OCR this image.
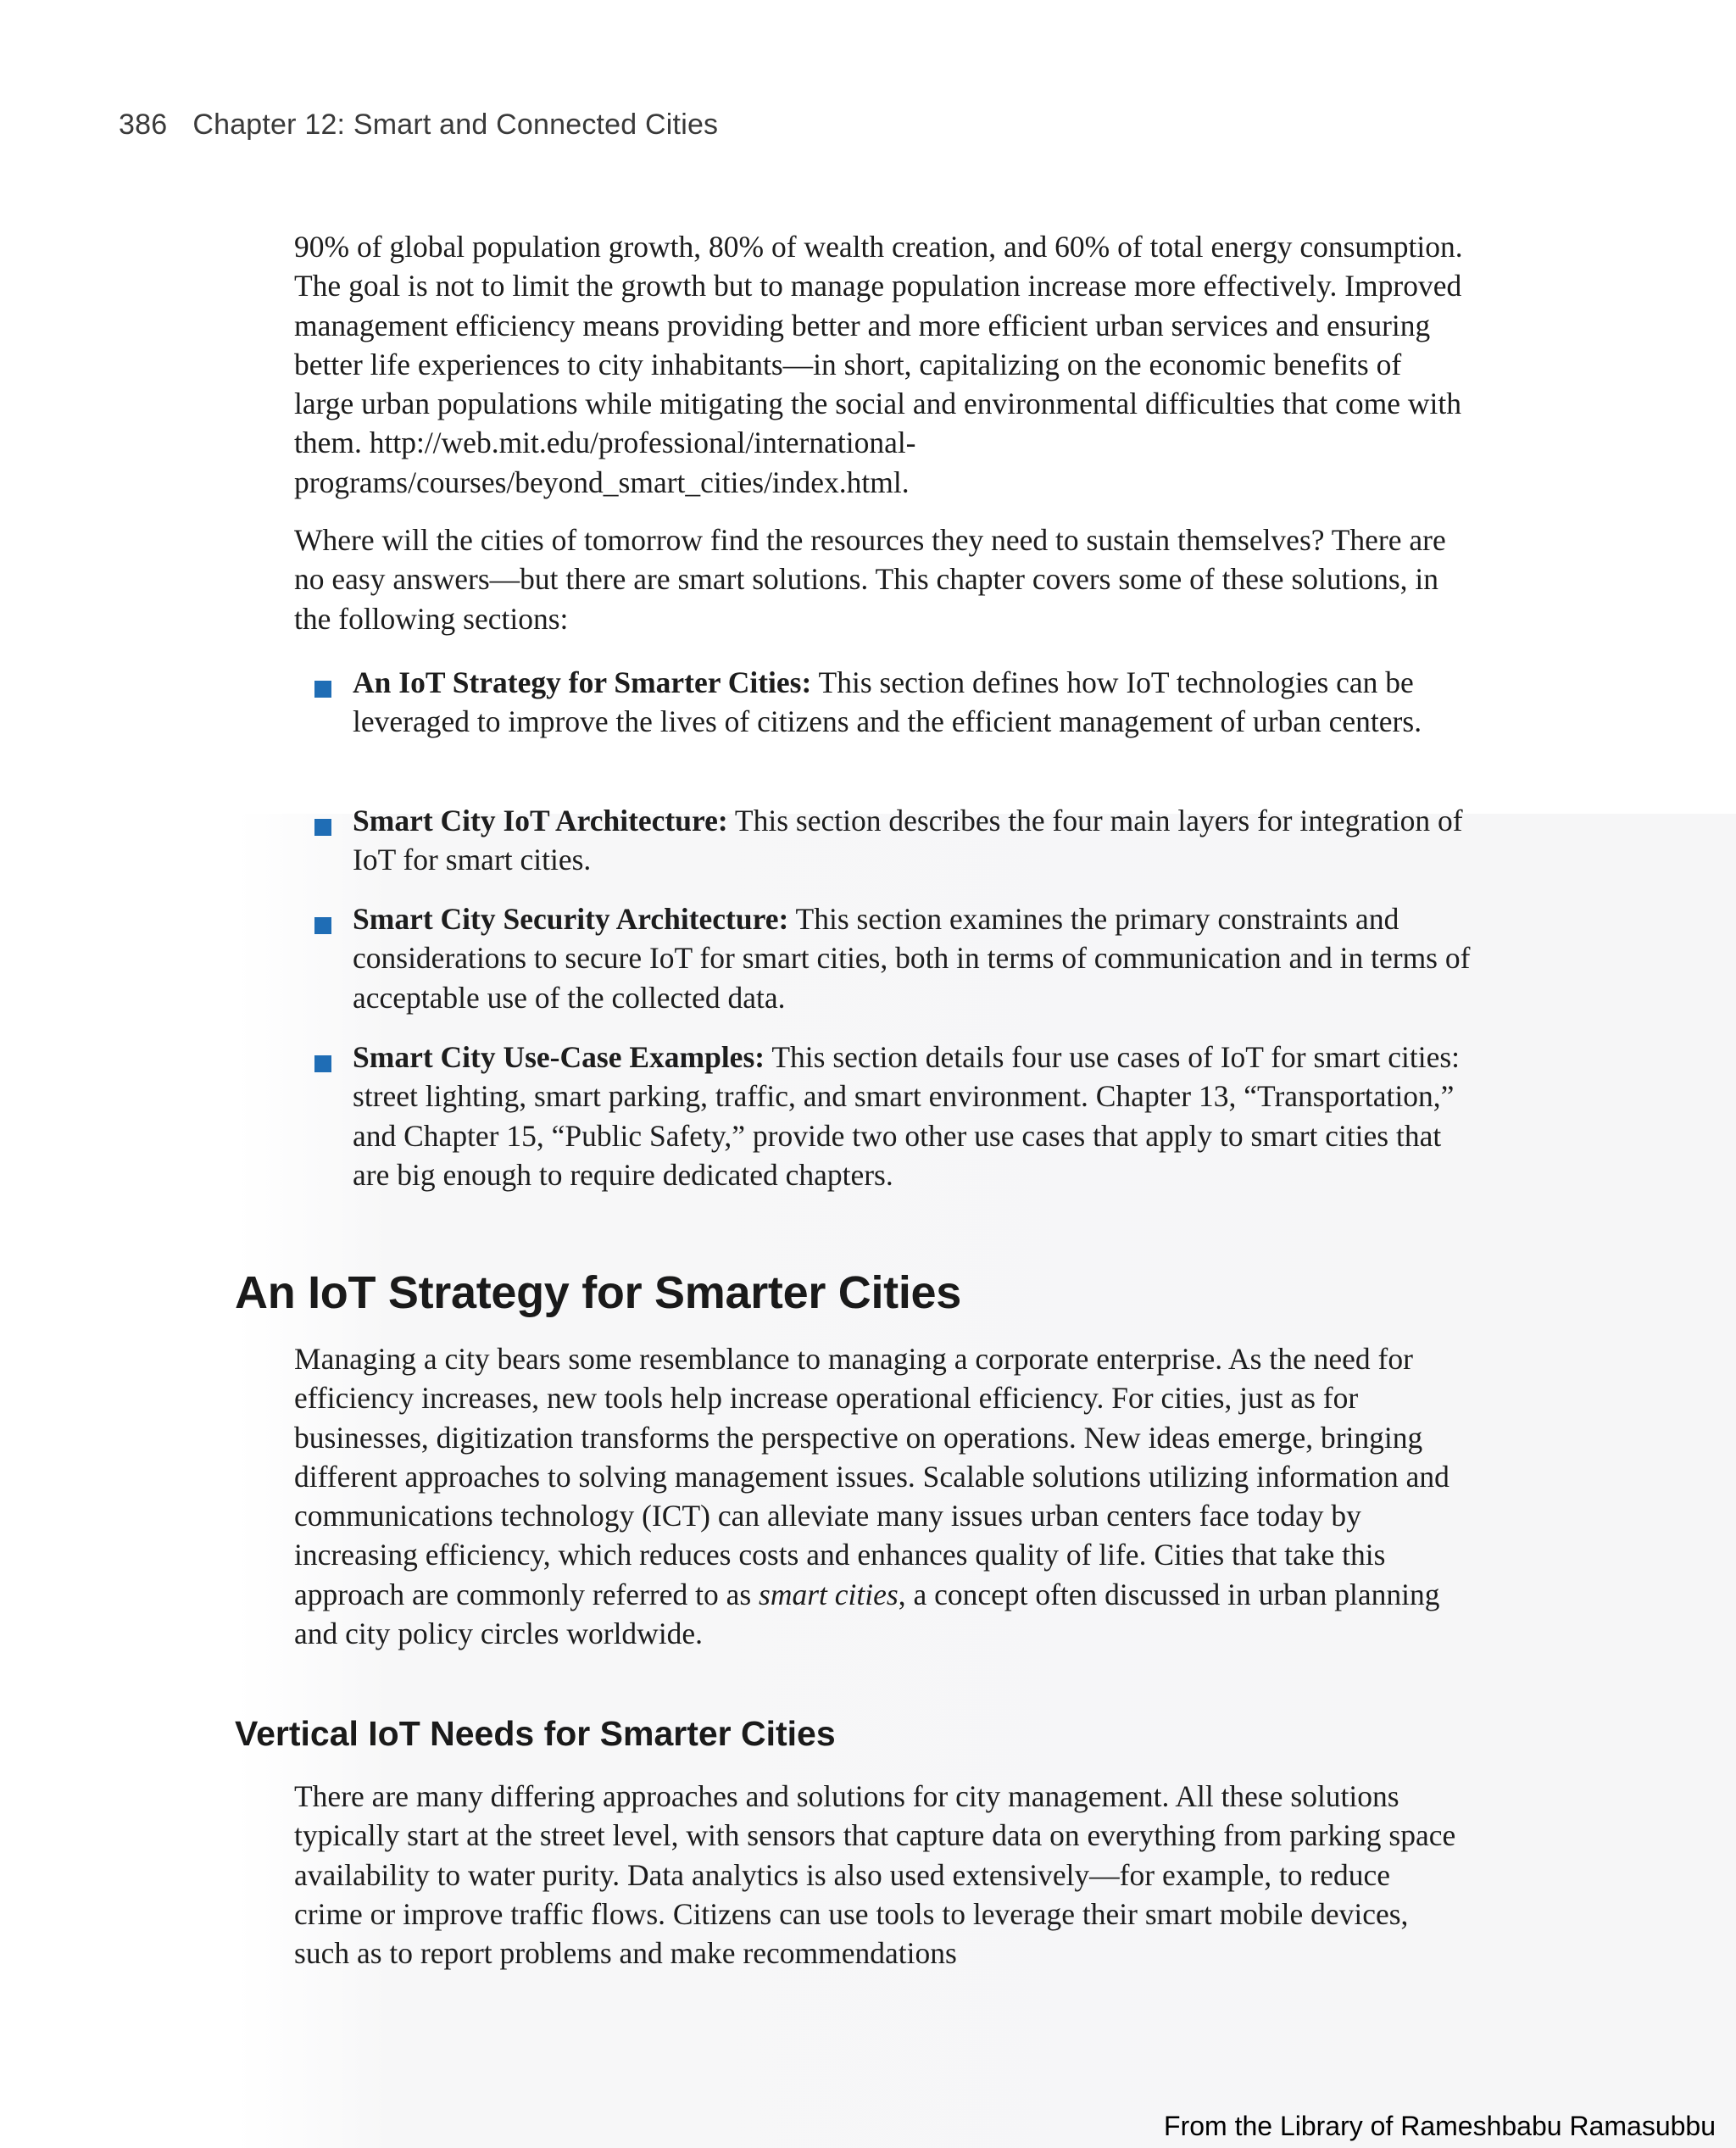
386 Chapter 12: Smart and Connected Cities

90% of global population growth, 80% of wealth creation, and 60% of total energy consumption. The goal is not to limit the growth but to manage population increase more effectively. Improved management efficiency means providing better and more efficient urban services and ensuring better life experiences to city inhabitants—in short, capitalizing on the economic benefits of large urban populations while mitigating the social and environmental difficulties that come with them. http://web.mit.edu/professional/international-programs/courses/beyond_smart_cities/index.html.

Where will the cities of tomorrow find the resources they need to sustain themselves? There are no easy answers—but there are smart solutions. This chapter covers some of these solutions, in the following sections:

An IoT Strategy for Smarter Cities: This section defines how IoT technologies can be leveraged to improve the lives of citizens and the efficient management of urban centers.

Smart City IoT Architecture: This section describes the four main layers for integration of IoT for smart cities.

Smart City Security Architecture: This section examines the primary constraints and considerations to secure IoT for smart cities, both in terms of communication and in terms of acceptable use of the collected data.

Smart City Use-Case Examples: This section details four use cases of IoT for smart cities: street lighting, smart parking, traffic, and smart environment. Chapter 13, “Transportation,” and Chapter 15, “Public Safety,” provide two other use cases that apply to smart cities that are big enough to require dedicated chapters.

An IoT Strategy for Smarter Cities

Managing a city bears some resemblance to managing a corporate enterprise. As the need for efficiency increases, new tools help increase operational efficiency. For cities, just as for businesses, digitization transforms the perspective on operations. New ideas emerge, bringing different approaches to solving management issues. Scalable solutions utilizing information and communications technology (ICT) can alleviate many issues urban centers face today by increasing efficiency, which reduces costs and enhances quality of life. Cities that take this approach are commonly referred to as smart cities, a concept often discussed in urban planning and city policy circles worldwide.

Vertical IoT Needs for Smarter Cities

There are many differing approaches and solutions for city management. All these solutions typically start at the street level, with sensors that capture data on everything from parking space availability to water purity. Data analytics is also used extensively—for example, to reduce crime or improve traffic flows. Citizens can use tools to leverage their smart mobile devices, such as to report problems and make recommendations

From the Library of Rameshbabu Ramasubbu
